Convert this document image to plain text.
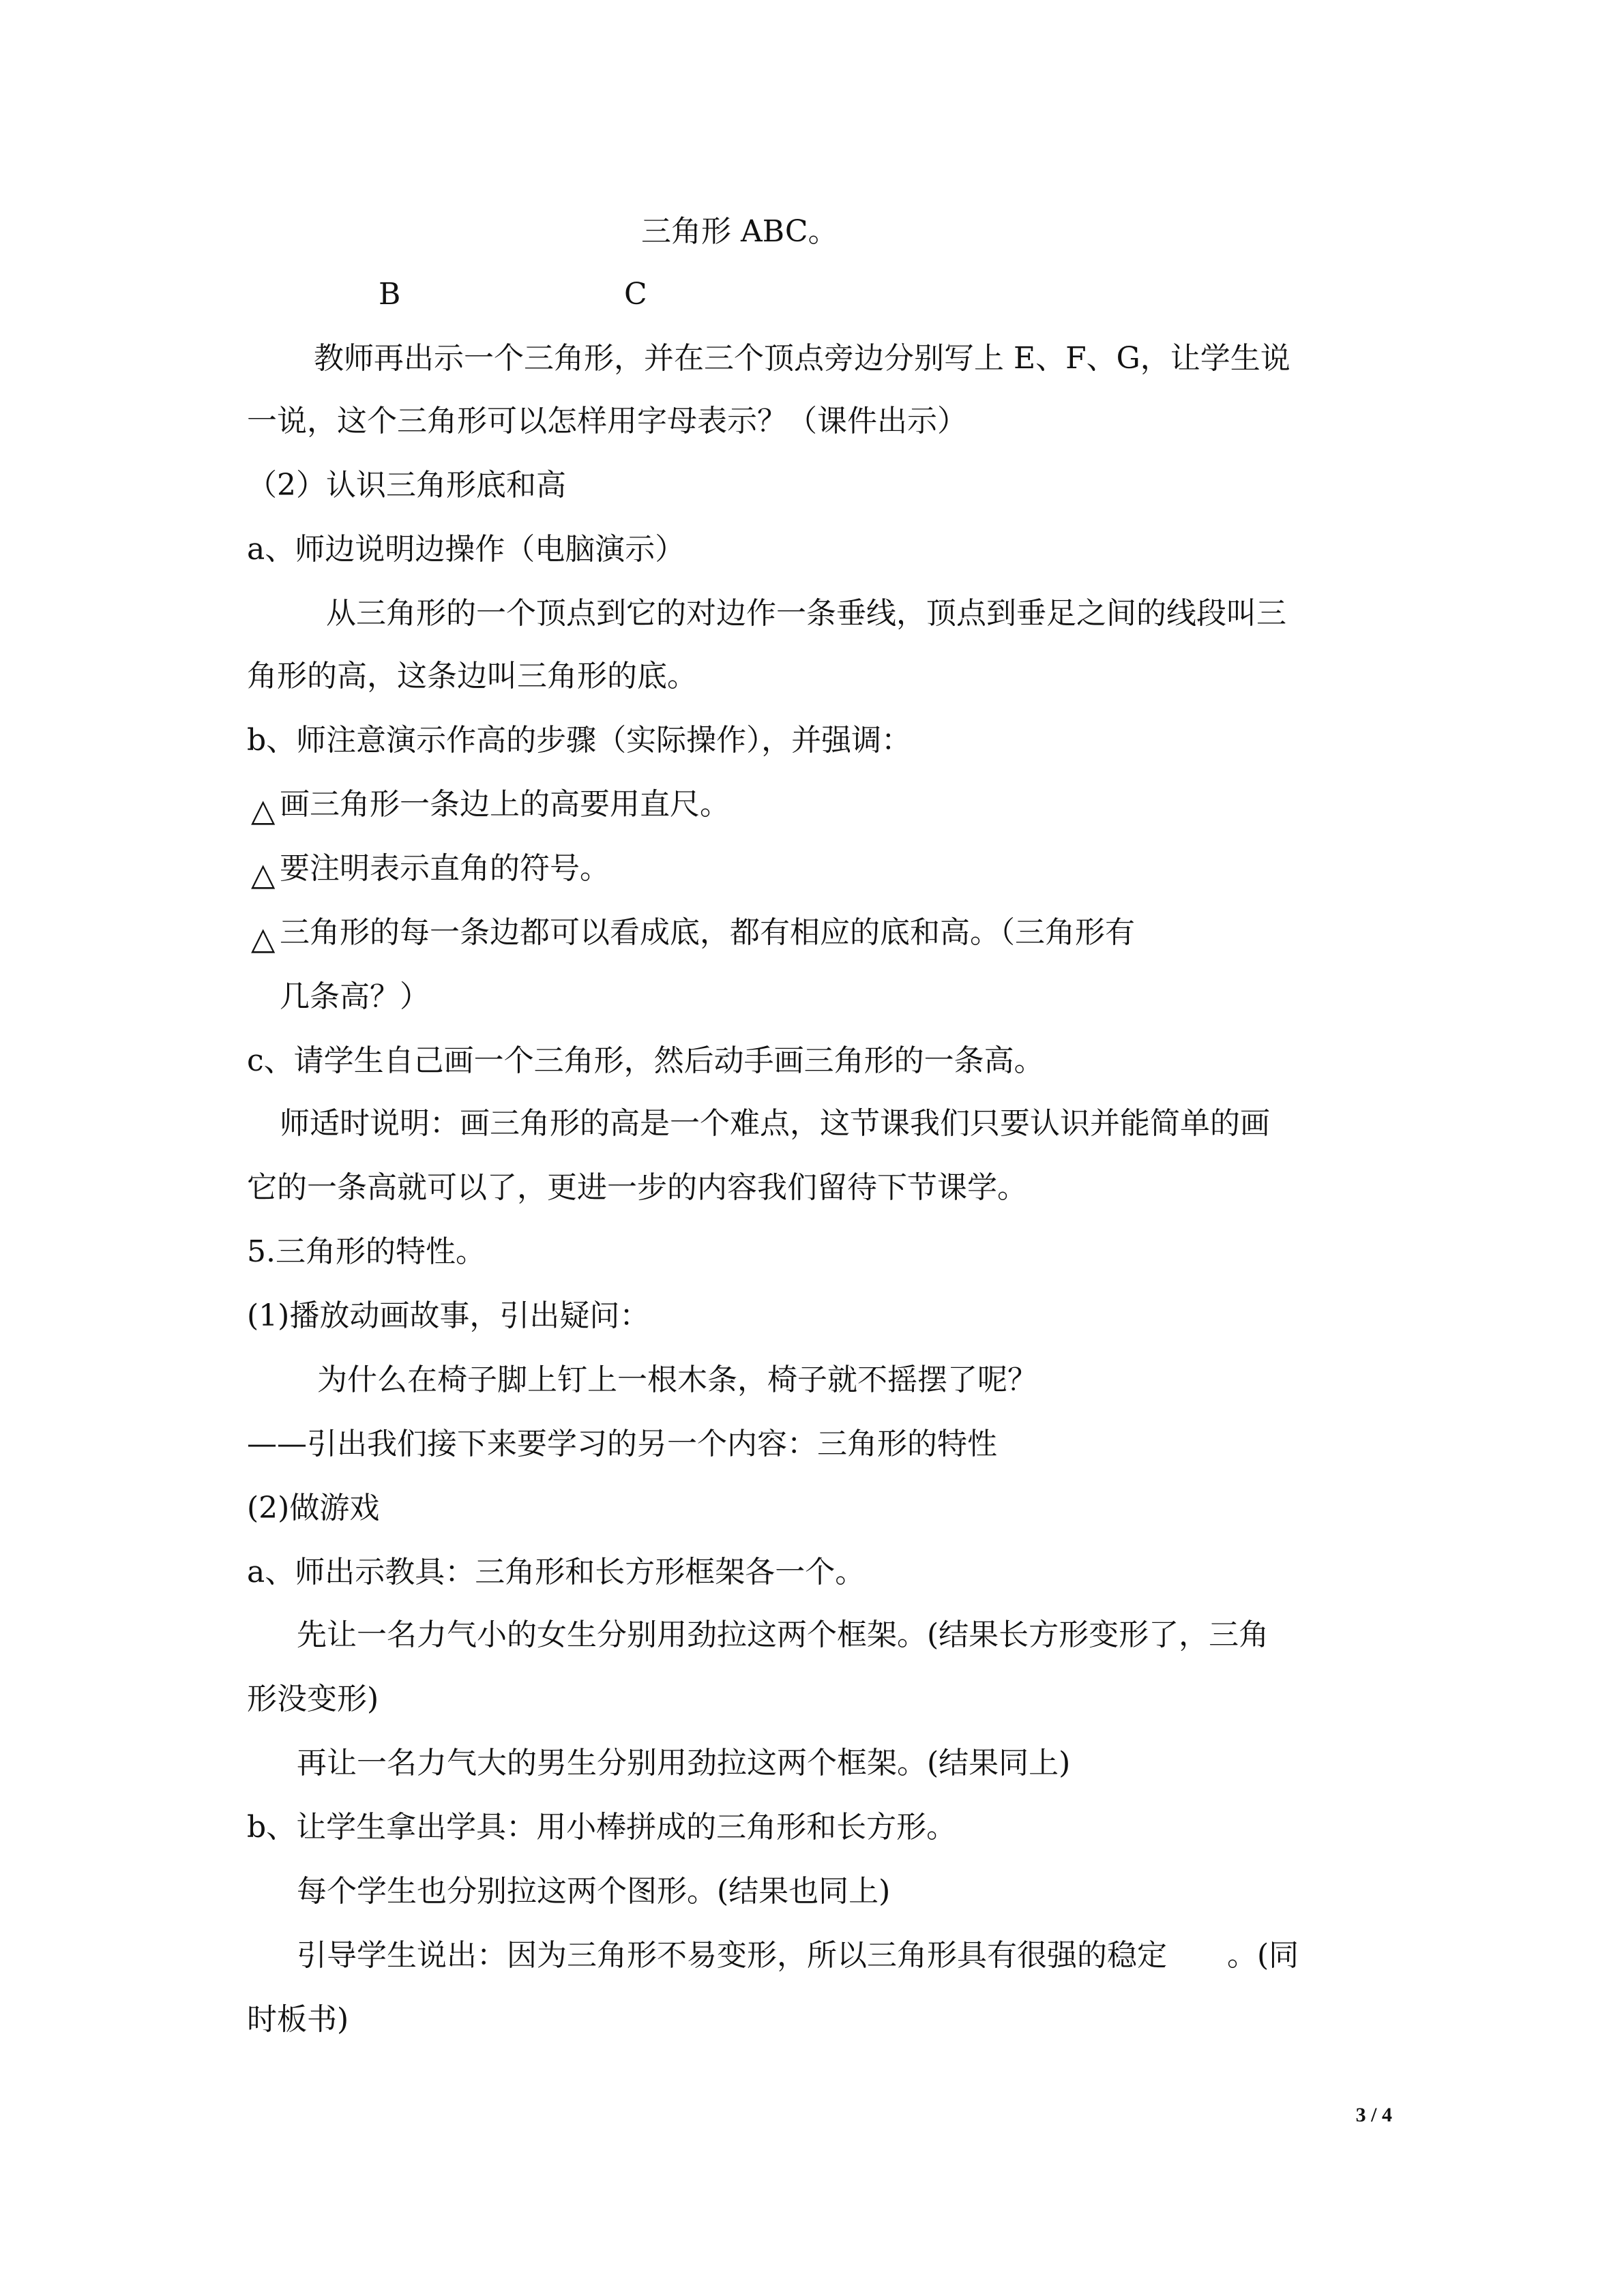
三角形 ABC。
B	C
教师再出示一个三角形，并在三个顶点旁边分别写上 E、F、G，让学生说
一说，这个三角形可以怎样用字母表示？（课件出示）
（2）认识三角形底和高
a、师边说明边操作（电脑演示）
从三角形的一个顶点到它的对边作一条垂线，顶点到垂足之间的线段叫三
角形的高，这条边叫三角形的底。
b、师注意演示作高的步骤（实际操作），并强调：
△ 画三角形一条边上的高要用直尺。
△ 要注明表示直角的符号。
△ 三角形的每一条边都可以看成底，都有相应的底和高。（三角形有
几条高？）
c、请学生自己画一个三角形，然后动手画三角形的一条高。
师适时说明：画三角形的高是一个难点，这节课我们只要认识并能简单的画
它的一条高就可以了，更进一步的内容我们留待下节课学。
5.三角形的特性。
(1)播放动画故事，引出疑问：
为什么在椅子脚上钉上一根木条，椅子就不摇摆了呢？
——引出我们接下来要学习的另一个内容：三角形的特性
(2)做游戏
a、师出示教具：三角形和长方形框架各一个。
先让一名力气小的女生分别用劲拉这两个框架。(结果长方形变形了，三角
形没变形)
再让一名力气大的男生分别用劲拉这两个框架。(结果同上)
b、让学生拿出学具：用小棒拼成的三角形和长方形。
每个学生也分别拉这两个图形。(结果也同上)
引导学生说出：因为三角形不易变形，所以三角形具有很强的稳定　　。(同
时板书)
3 / 4
